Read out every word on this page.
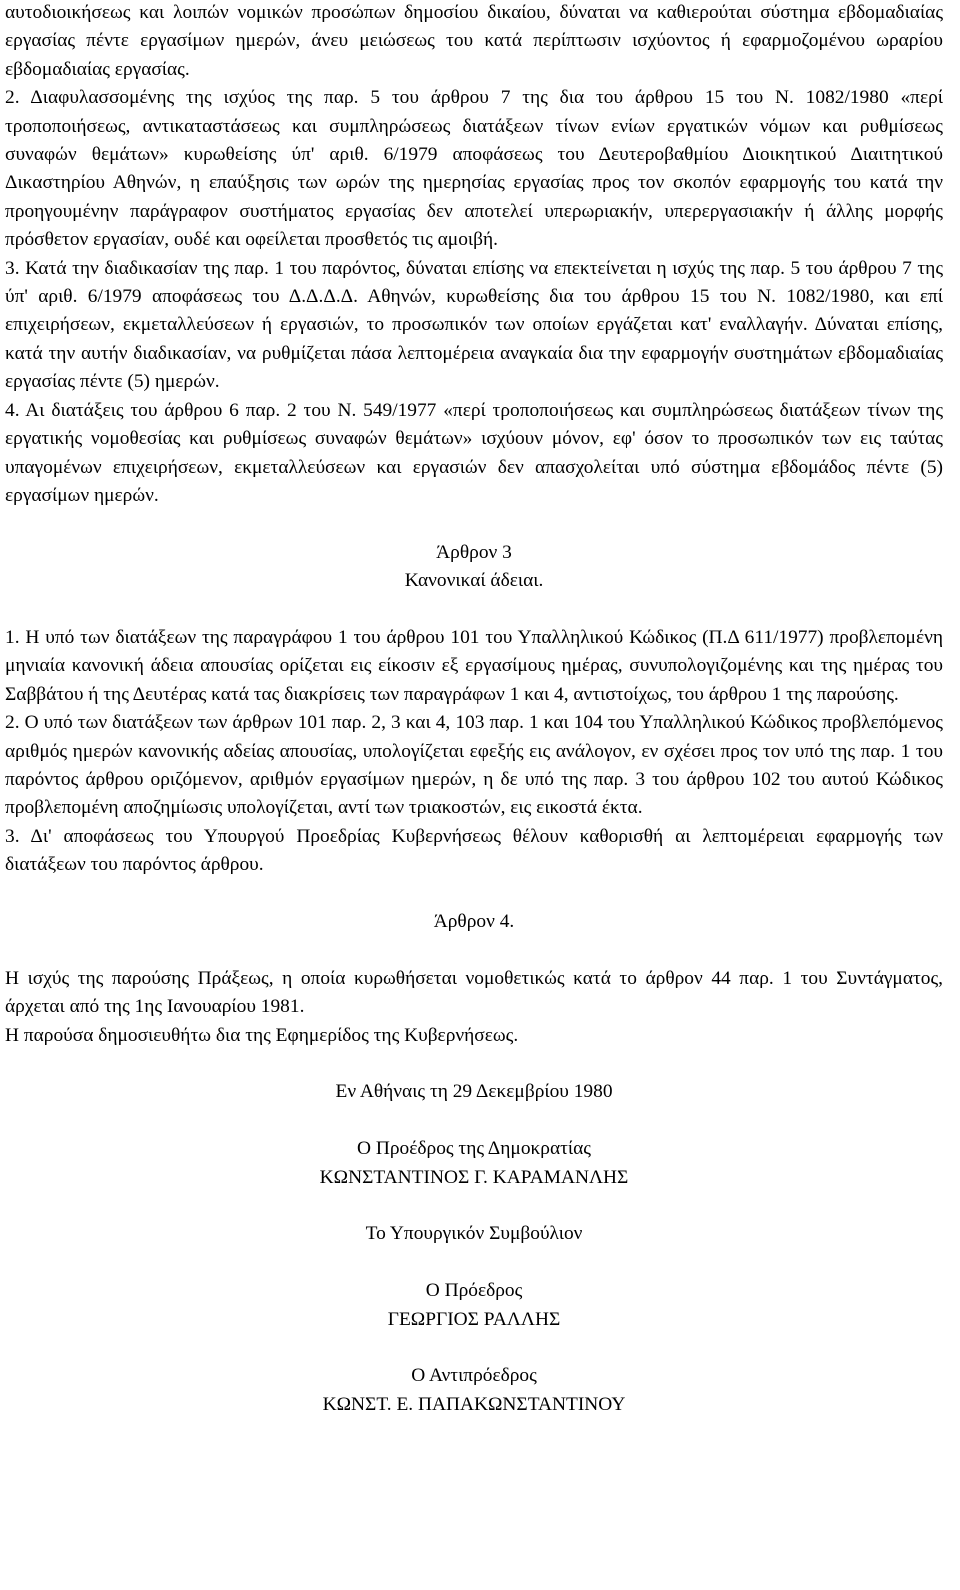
αυτοδιοικήσεως και λοιπών νομικών προσώπων δημοσίου δικαίου, δύναται να καθιερούται σύστημα εβδομαδιαίας εργασίας πέντε εργασίμων ημερών, άνευ μειώσεως του κατά περίπτωσιν ισχύοντος ή εφαρμοζομένου ωραρίου εβδομαδιαίας εργασίας.

2. Διαφυλασσομένης της ισχύος της παρ. 5 του άρθρου 7 της δια του άρθρου 15 του Ν. 1082/1980 «περί τροποποιήσεως, αντικαταστάσεως και συμπληρώσεως διατάξεων τίνων ενίων εργατικών νόμων και ρυθμίσεως συναφών θεμάτων» κυρωθείσης ύπ' αριθ. 6/1979 αποφάσεως του Δευτεροβαθμίου Διοικητικού Διαιτητικού Δικαστηρίου Αθηνών, η επαύξησις των ωρών της ημερησίας εργασίας προς τον σκοπόν εφαρμογής του κατά την προηγουμένην παράγραφον συστήματος εργασίας δεν αποτελεί υπερωριακήν, υπερεργασιακήν ή άλλης μορφής πρόσθετον εργασίαν, ουδέ και οφείλεται προσθετός τις αμοιβή.

3. Κατά την διαδικασίαν της παρ. 1 του παρόντος, δύναται επίσης να επεκτείνεται η ισχύς της παρ. 5 του άρθρου 7 της ύπ' αριθ. 6/1979 αποφάσεως του Δ.Δ.Δ.Δ. Αθηνών, κυρωθείσης δια του άρθρου 15 του Ν. 1082/1980, και επί επιχειρήσεων, εκμεταλλεύσεων ή εργασιών, το προσωπικόν των οποίων εργάζεται κατ' εναλλαγήν. Δύναται επίσης, κατά την αυτήν διαδικασίαν, να ρυθμίζεται πάσα λεπτομέρεια αναγκαία δια την εφαρμογήν συστημάτων εβδομαδιαίας εργασίας πέντε (5) ημερών.

4. Αι διατάξεις του άρθρου 6 παρ. 2 του Ν. 549/1977 «περί τροποποιήσεως και συμπληρώσεως διατάξεων τίνων της εργατικής νομοθεσίας και ρυθμίσεως συναφών θεμάτων» ισχύουν μόνον, εφ' όσον το προσωπικόν των εις ταύτας υπαγομένων επιχειρήσεων, εκμεταλλεύσεων και εργασιών δεν απασχολείται υπό σύστημα εβδομάδος πέντε (5) εργασίμων ημερών.

Άρθρον 3

Κανονικαί άδειαι.

1. Η υπό των διατάξεων της παραγράφου 1 του άρθρου 101 του Υπαλληλικού Κώδικος (Π.Δ 611/1977) προβλεπομένη μηνιαία κανονική άδεια απουσίας ορίζεται εις είκοσιν εξ εργασίμους ημέρας, συνυπολογιζομένης και της ημέρας του Σαββάτου ή της Δευτέρας κατά τας διακρίσεις των παραγράφων 1 και 4, αντιστοίχως, του άρθρου 1 της παρούσης.

2. Ο υπό των διατάξεων των άρθρων 101 παρ. 2, 3 και 4, 103 παρ. 1 και 104 του Υπαλληλικού Κώδικος προβλεπόμενος αριθμός ημερών κανονικής αδείας απουσίας, υπολογίζεται εφεξής εις ανάλογον, εν σχέσει προς τον υπό της παρ. 1 του παρόντος άρθρου οριζόμενον, αριθμόν εργασίμων ημερών, η δε υπό της παρ. 3 του άρθρου 102 του αυτού Κώδικος προβλεπομένη αποζημίωσις υπολογίζεται, αντί των τριακοστών, εις εικοστά έκτα.

3. Δι' αποφάσεως του Υπουργού Προεδρίας Κυβερνήσεως θέλουν καθορισθή αι λεπτομέρειαι εφαρμογής των διατάξεων του παρόντος άρθρου.

Άρθρον 4.

Η ισχύς της παρούσης Πράξεως, η οποία κυρωθήσεται νομοθετικώς κατά το άρθρον 44 παρ. 1 του Συντάγματος, άρχεται από της 1ης Ιανουαρίου 1981.

Η παρούσα δημοσιευθήτω δια της Εφημερίδος της Κυβερνήσεως.

Εν Αθήναις τη 29 Δεκεμβρίου 1980

Ο Προέδρος της Δημοκρατίας

ΚΩΝΣΤΑΝΤΙΝΟΣ Γ. ΚΑΡΑΜΑΝΛΗΣ

Το Υπουργικόν Συμβούλιον

Ο Πρόεδρος

ΓΕΩΡΓΙΟΣ ΡΑΛΛΗΣ

Ο Αντιπρόεδρος

ΚΩΝΣΤ. Ε. ΠΑΠΑΚΩΝΣΤΑΝΤΙΝΟΥ
